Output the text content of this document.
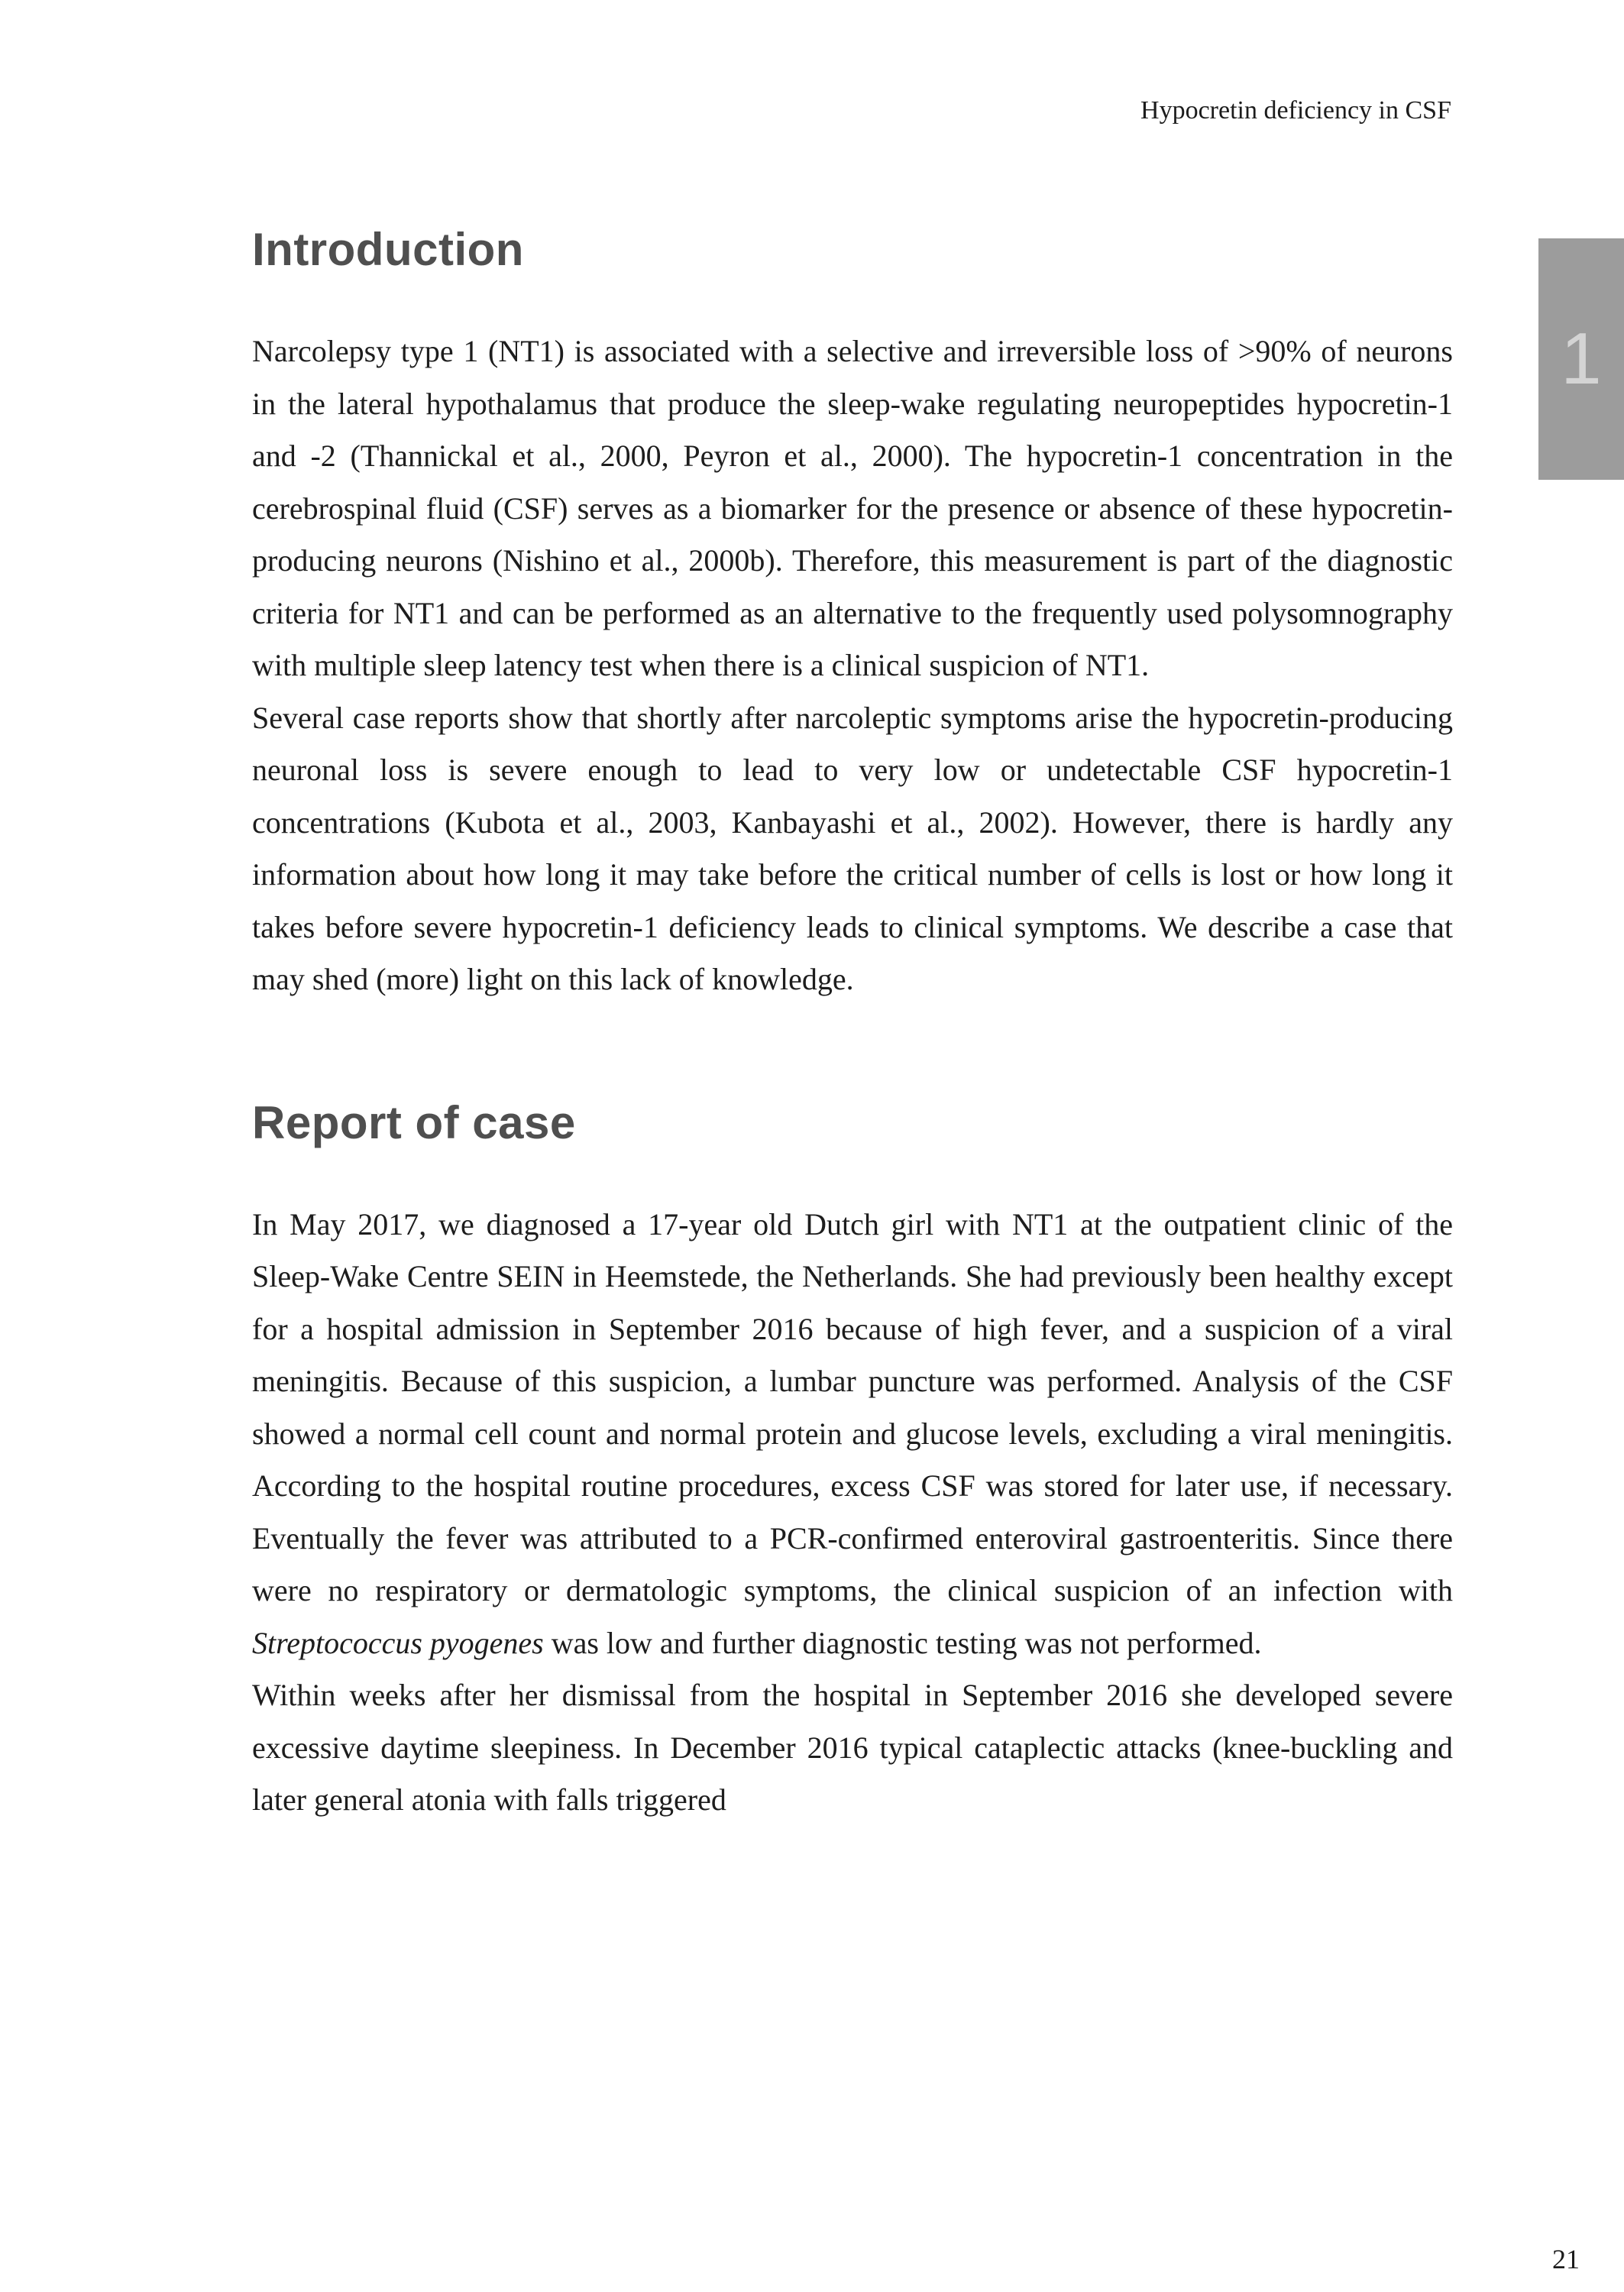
Hypocretin deficiency in CSF
1
Introduction

Narcolepsy type 1 (NT1) is associated with a selective and irreversible loss of >90% of neurons in the lateral hypothalamus that produce the sleep-wake regulating neuropeptides hypocretin-1 and -2 (Thannickal et al., 2000, Peyron et al., 2000). The hypocretin-1 concentration in the cerebrospinal fluid (CSF) serves as a biomarker for the presence or absence of these hypocretin-producing neurons (Nishino et al., 2000b). Therefore, this measurement is part of the diagnostic criteria for NT1 and can be performed as an alternative to the frequently used polysomnography with multiple sleep latency test when there is a clinical suspicion of NT1.

Several case reports show that shortly after narcoleptic symptoms arise the hypocretin-producing neuronal loss is severe enough to lead to very low or undetectable CSF hypocretin-1 concentrations (Kubota et al., 2003, Kanbayashi et al., 2002). However, there is hardly any information about how long it may take before the critical number of cells is lost or how long it takes before severe hypocretin-1 deficiency leads to clinical symptoms. We describe a case that may shed (more) light on this lack of knowledge.

Report of case

In May 2017, we diagnosed a 17-year old Dutch girl with NT1 at the outpatient clinic of the Sleep-Wake Centre SEIN in Heemstede, the Netherlands. She had previously been healthy except for a hospital admission in September 2016 because of high fever, and a suspicion of a viral meningitis. Because of this suspicion, a lumbar puncture was performed. Analysis of the CSF showed a normal cell count and normal protein and glucose levels, excluding a viral meningitis. According to the hospital routine procedures, excess CSF was stored for later use, if necessary. Eventually the fever was attributed to a PCR-confirmed enteroviral gastroenteritis. Since there were no respiratory or dermatologic symptoms, the clinical suspicion of an infection with Streptococcus pyogenes was low and further diagnostic testing was not performed.

Within weeks after her dismissal from the hospital in September 2016 she developed severe excessive daytime sleepiness. In December 2016 typical cataplectic attacks (knee-buckling and later general atonia with falls triggered

21
